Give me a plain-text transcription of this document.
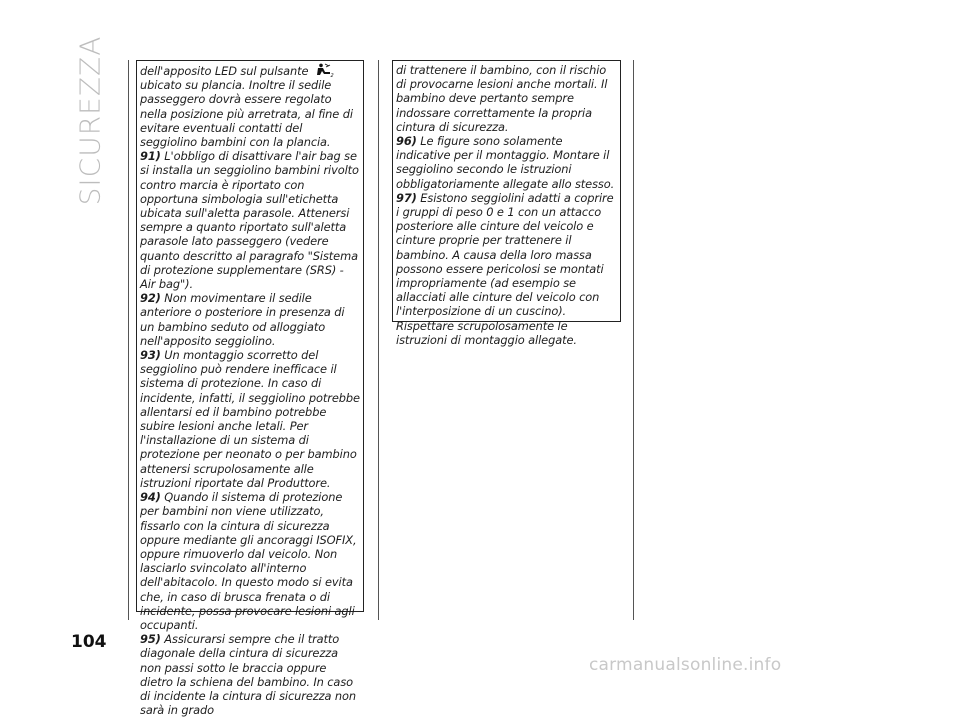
SICUREZZA	dell'apposito LED sul pulsante	2
ubicato su plancia. Inoltre il sedile passeggero dovrà essere regolato nella posizione più arretrata, al fine di evitare eventuali contatti del seggiolino bambini con la plancia.

91) L'obbligo di disattivare l'air bag se si installa un seggiolino bambini rivolto contro marcia è riportato con opportuna simbologia sull'etichetta ubicata sull'aletta parasole. Attenersi sempre a quanto riportato sull'aletta parasole lato passeggero (vedere quanto descritto al paragrafo "Sistema di protezione supplementare (SRS) - Air bag").

92) Non movimentare il sedile anteriore o posteriore in presenza di un bambino seduto od alloggiato nell'apposito seggiolino.

93) Un montaggio scorretto del seggiolino può rendere inefficace il sistema di protezione. In caso di incidente, infatti, il seggiolino potrebbe allentarsi ed il bambino potrebbe subire lesioni anche letali. Per l'installazione di un sistema di protezione per neonato o per bambino attenersi scrupolosamente alle istruzioni riportate dal Produttore.

94) Quando il sistema di protezione per bambini non viene utilizzato, fissarlo con la cintura di sicurezza oppure mediante gli ancoraggi ISOFIX, oppure rimuoverlo dal veicolo. Non lasciarlo svincolato all'interno dell'abitacolo. In questo modo si evita che, in caso di brusca frenata o di incidente, possa provocare lesioni agli occupanti.

95) Assicurarsi sempre che il tratto diagonale della cintura di sicurezza non passi sotto le braccia oppure dietro la schiena del bambino. In caso di incidente la cintura di sicurezza non sarà in grado

di trattenere il bambino, con il rischio di provocarne lesioni anche mortali. Il bambino deve pertanto sempre indossare correttamente la propria cintura di sicurezza.

96) Le figure sono solamente indicative per il montaggio. Montare il seggiolino secondo le istruzioni obbligatoriamente allegate allo stesso.

97) Esistono seggiolini adatti a coprire i gruppi di peso 0 e 1 con un attacco posteriore alle cinture del veicolo e cinture proprie per trattenere il bambino. A causa della loro massa possono essere pericolosi se montati impropriamente (ad esempio se allacciati alle cinture del veicolo con l'interposizione di un cuscino). Rispettare scrupolosamente le istruzioni di montaggio allegate.

104
carmanualsonline.info
